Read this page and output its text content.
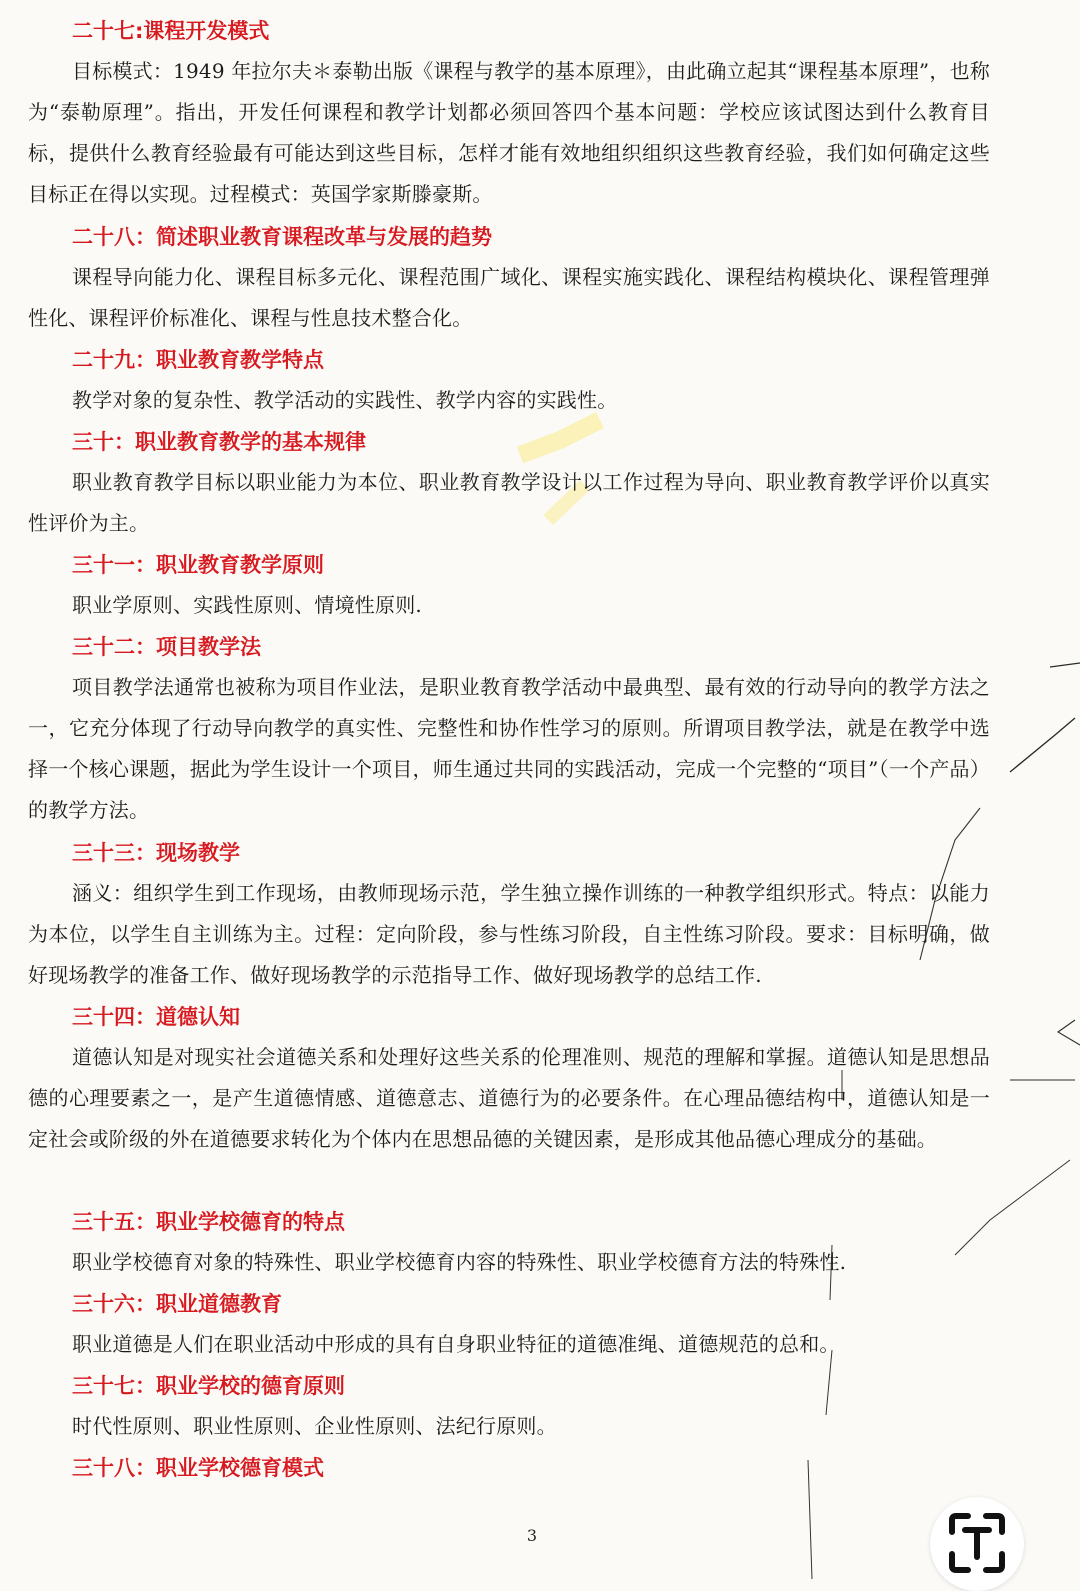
二十七:课程开发模式

目标模式：1949 年拉尔夫＊泰勒出版《课程与教学的基本原理》，由此确立起其“课程基本原理”，也称为“泰勒原理”。指出，开发任何课程和教学计划都必须回答四个基本问题：学校应该试图达到什么教育目标，提供什么教育经验最有可能达到这些目标，怎样才能有效地组织组织这些教育经验，我们如何确定这些目标正在得以实现。过程模式：英国学家斯滕豪斯。

二十八：简述职业教育课程改革与发展的趋势

课程导向能力化、课程目标多元化、课程范围广域化、课程实施实践化、课程结构模块化、课程管理弹性化、课程评价标准化、课程与性息技术整合化。

二十九：职业教育教学特点

教学对象的复杂性、教学活动的实践性、教学内容的实践性。

三十：职业教育教学的基本规律

职业教育教学目标以职业能力为本位、职业教育教学设计以工作过程为导向、职业教育教学评价以真实性评价为主。

三十一：职业教育教学原则

职业学原则、实践性原则、情境性原则.

三十二：项目教学法

项目教学法通常也被称为项目作业法，是职业教育教学活动中最典型、最有效的行动导向的教学方法之一，它充分体现了行动导向教学的真实性、完整性和协作性学习的原则。所谓项目教学法，就是在教学中选择一个核心课题，据此为学生设计一个项目，师生通过共同的实践活动，完成一个完整的“项目”（一个产品）的教学方法。

三十三：现场教学

涵义：组织学生到工作现场，由教师现场示范，学生独立操作训练的一种教学组织形式。特点：以能力为本位，以学生自主训练为主。过程：定向阶段，参与性练习阶段，自主性练习阶段。要求：目标明确，做好现场教学的准备工作、做好现场教学的示范指导工作、做好现场教学的总结工作.

三十四：道德认知

道德认知是对现实社会道德关系和处理好这些关系的伦理准则、规范的理解和掌握。道德认知是思想品德的心理要素之一，是产生道德情感、道德意志、道德行为的必要条件。在心理品德结构中，道德认知是一定社会或阶级的外在道德要求转化为个体内在思想品德的关键因素，是形成其他品德心理成分的基础。

三十五：职业学校德育的特点

职业学校德育对象的特殊性、职业学校德育内容的特殊性、职业学校德育方法的特殊性.

三十六：职业道德教育

职业道德是人们在职业活动中形成的具有自身职业特征的道德准绳、道德规范的总和。

三十七：职业学校的德育原则

时代性原则、职业性原则、企业性原则、法纪行原则。

三十八：职业学校德育模式

3
